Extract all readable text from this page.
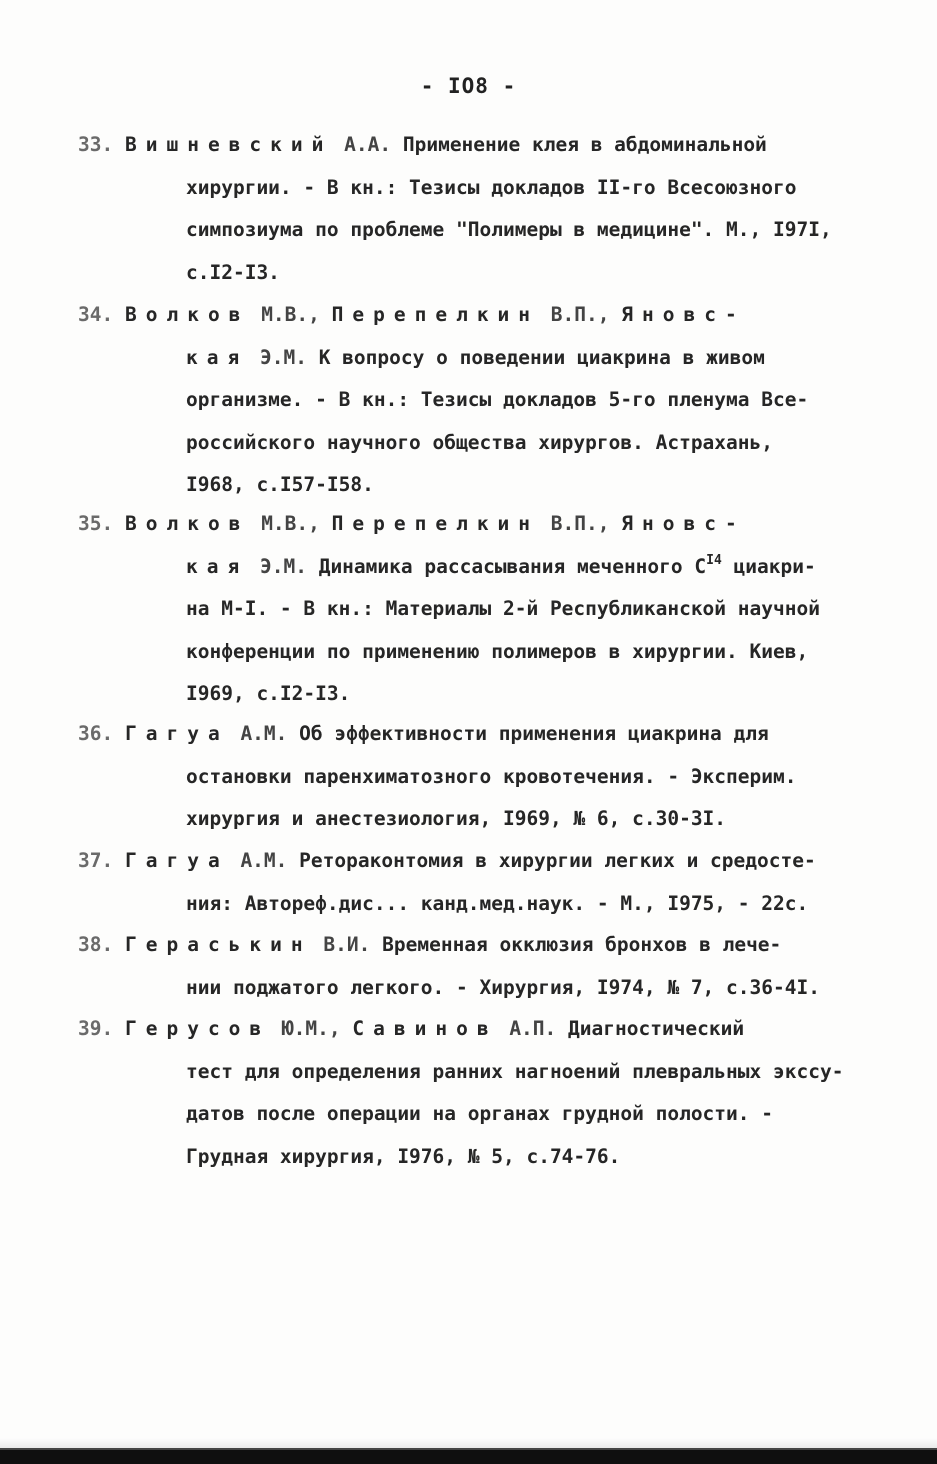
- IO8 -
33. Вишневский А.А. Применение клея в абдоминальной
хирургии. - В кн.: Тезисы докладов II-го Всесоюзного
симпозиума по проблеме "Полимеры в медицине". М., I97I,
с.I2-I3.
34. Волков М.В., Перепелкин В.П., Яновс-
кая Э.М. К вопросу о поведении циакрина в живом
организме. - В кн.: Тезисы докладов 5-го пленума Все-
российского научного общества хирургов. Астрахань,
I968, с.I57-I58.
35. Волков М.В., Перепелкин В.П., Яновс-
кая Э.М. Динамика рассасывания меченного $С^{I4}$ циакри-
на М-I. - В кн.: Материалы 2-й Республиканской научной
конференции по применению полимеров в хирургии. Киев,
I969, с.I2-I3.
36. Гагуа А.М. Об эффективности применения циакрина для
остановки паренхиматозного кровотечения. - Эксперим.
хирургия и анестезиология, I969, № 6, с.30-3I.
37. Гагуа А.М. Ретораконтомия в хирургии легких и средосте-
ния: Автореф.дис... канд.мед.наук. - М., I975, - 22с.
38. Гераськин В.И. Временная окклюзия бронхов в лече-
нии поджатого легкого. - Хирургия, I974, № 7, с.36-4I.
39. Герусов Ю.М., Савинов А.П. Диагностический
тест для определения ранних нагноений плевральных экссу-
датов после операции на органах грудной полости. -
Грудная хирургия, I976, № 5, с.74-76.
